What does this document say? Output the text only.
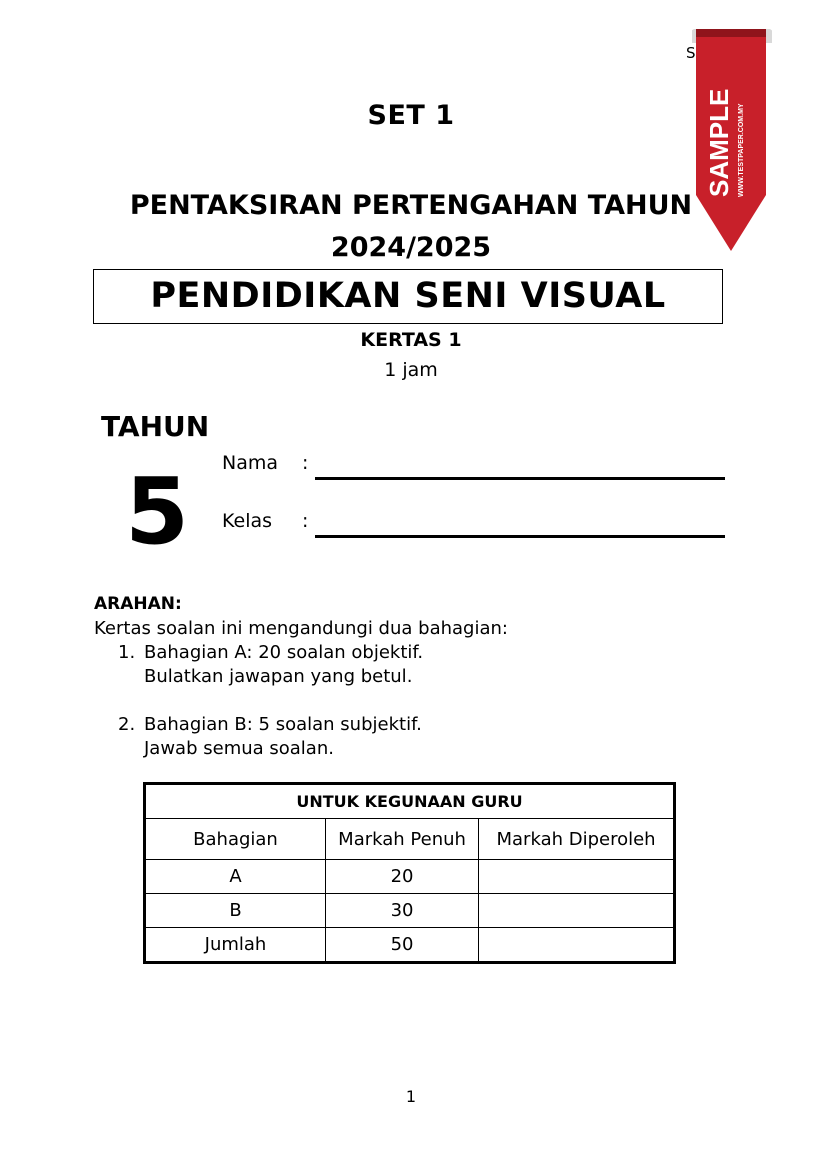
S
SAMPLE WWW.TESTPAPER.COM.MY
SET 1
PENTAKSIRAN PERTENGAHAN TAHUN
2024/2025
PENDIDIKAN SENI VISUAL
KERTAS 1
1 jam
TAHUN
5 Nama :
Kelas :
ARAHAN:
Kertas soalan ini mengandungi dua bahagian:
1. Bahagian A: 20 soalan objektif.
Bulatkan jawapan yang betul.
2. Bahagian B: 5 soalan subjektif.
Jawab semua soalan.
UNTUK KEGUNAAN GURU		
Bahagian	Markah Penuh	Markah Diperoleh
A	20	
B	30	
Jumlah	50	
1
